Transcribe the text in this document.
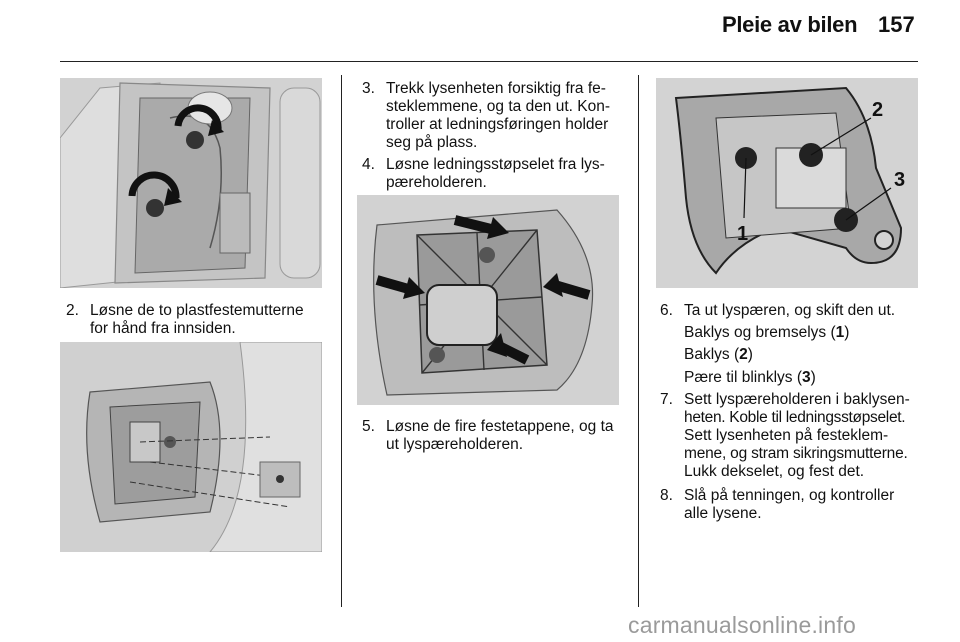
Pleie av bilen 157
2. Løsne de to plastfestemutterne
for hånd fra innsiden.
3. Trekk lysenheten forsiktig fra fe-
steklemmene, og ta den ut. Kon-
troller at ledningsføringen holder
seg på plass.
4. Løsne ledningsstøpselet fra lys-
pæreholderen.
5. Løsne de fire festetappene, og ta
ut lyspæreholderen.
1
2
3
6. Ta ut lyspæren, og skift den ut.
Baklys og bremselys (1)
Baklys (2)
Pære til blinklys (3)
7. Sett lyspæreholderen i baklysen-
heten. Koble til ledningsstøpselet.
Sett lysenheten på festeklem-
mene, og stram sikringsmutterne.
Lukk dekselet, og fest det.
8. Slå på tenningen, og kontroller
alle lysene.
carmanualsonline.info
